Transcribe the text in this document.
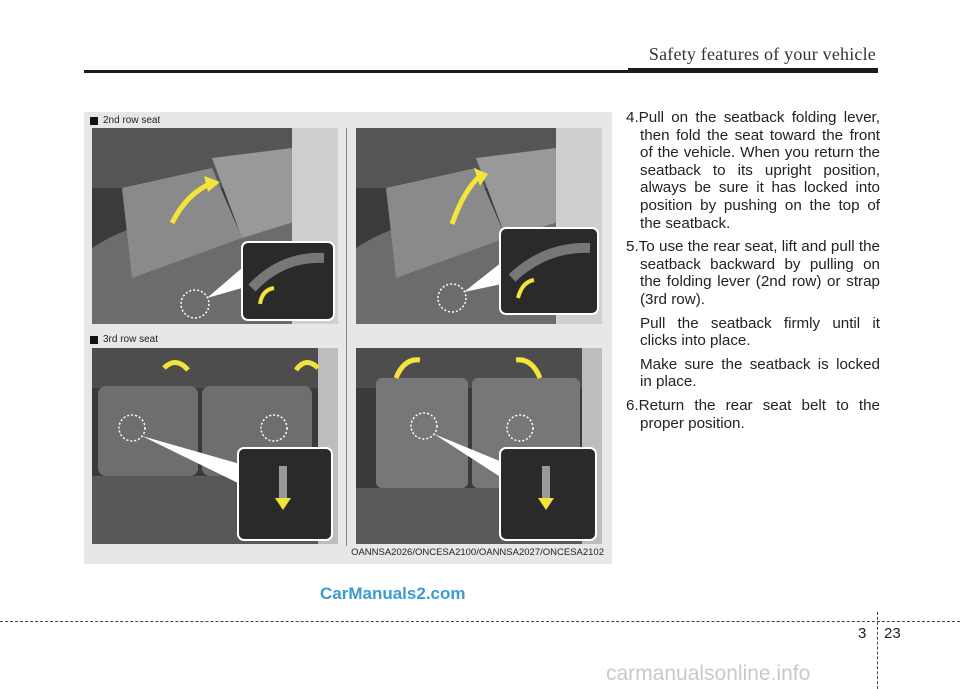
Safety features of your vehicle
2nd row seat
3rd row seat
OANNSA2026/ONCESA2100/OANNSA2027/ONCESA2102

4.Pull on the seatback folding lever, then fold the seat toward the front of the vehicle. When you return the seatback to its upright position, always be sure it has locked into position by pushing on the top of the seatback.

5.To use the rear seat, lift and pull the seatback backward by pulling on the folding lever (2nd row) or strap (3rd row).

Pull the seatback firmly until it clicks into place.

Make sure the seatback is locked in place.

6.Return the rear seat belt to the proper position.

CarManuals2.com
3 23
carmanualsonline.info
